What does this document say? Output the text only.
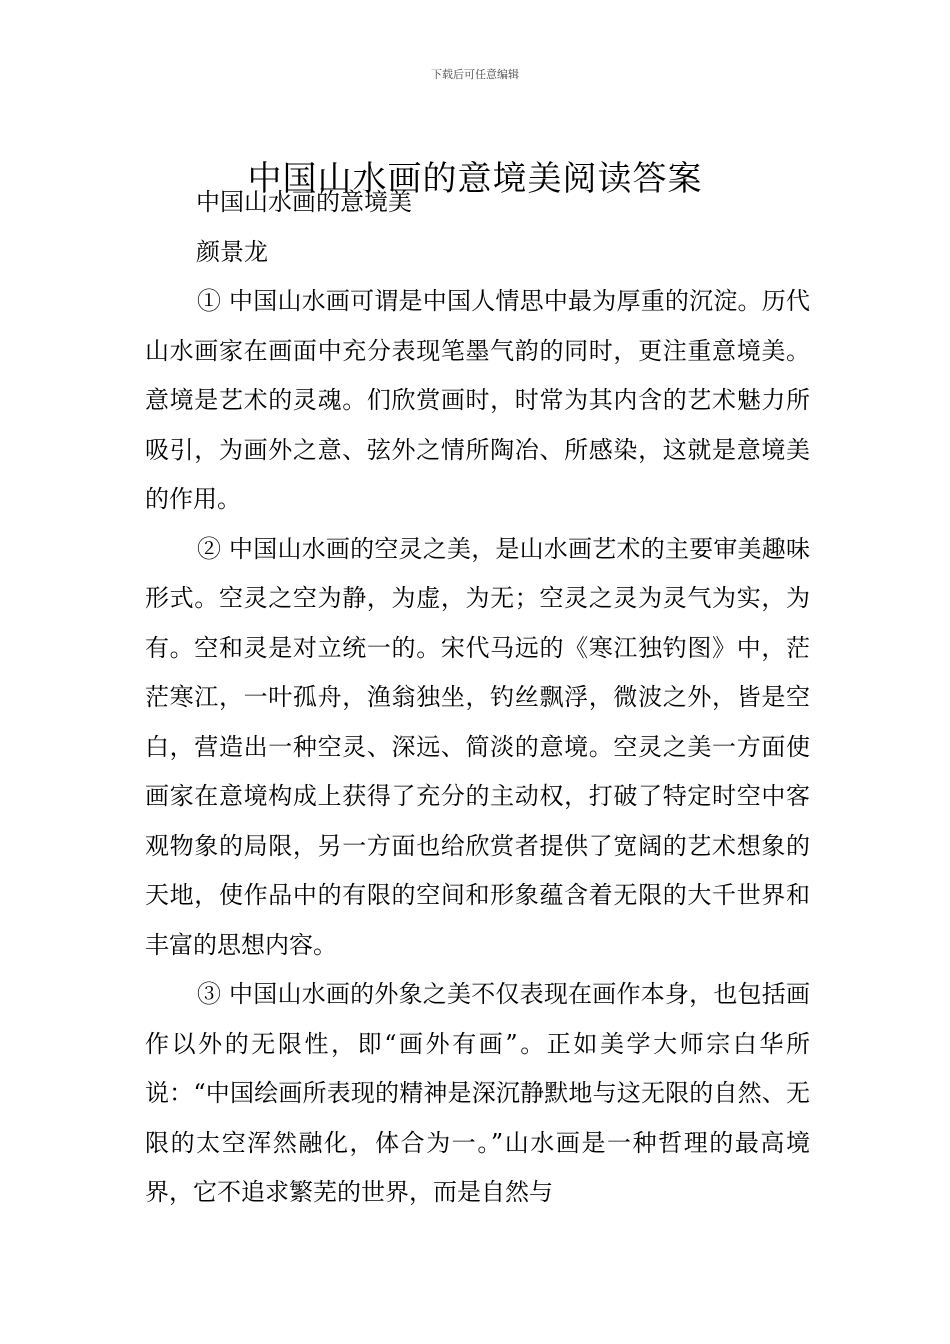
下载后可任意编辑
中国山水画的意境美阅读答案
中国山水画的意境美
颜景龙

① 中国山水画可谓是中国人情思中最为厚重的沉淀。历代山水画家在画面中充分表现笔墨气韵的同时，更注重意境美。意境是艺术的灵魂。们欣赏画时，时常为其内含的艺术魅力所吸引，为画外之意、弦外之情所陶冶、所感染，这就是意境美的作用。

② 中国山水画的空灵之美，是山水画艺术的主要审美趣味形式。空灵之空为静，为虚，为无；空灵之灵为灵气为实，为有。空和灵是对立统一的。宋代马远的《寒江独钓图》中，茫茫寒江，一叶孤舟，渔翁独坐，钓丝飘浮，微波之外，皆是空白，营造出一种空灵、深远、简淡的意境。空灵之美一方面使画家在意境构成上获得了充分的主动权，打破了特定时空中客观物象的局限，另一方面也给欣赏者提供了宽阔的艺术想象的天地，使作品中的有限的空间和形象蕴含着无限的大千世界和丰富的思想内容。

③ 中国山水画的外象之美不仅表现在画作本身，也包括画作以外的无限性，即“画外有画”。正如美学大师宗白华所说：“中国绘画所表现的精神是深沉静默地与这无限的自然、无限的太空浑然融化，体合为一。”山水画是一种哲理的最高境界，它不追求繁芜的世界，而是自然与
